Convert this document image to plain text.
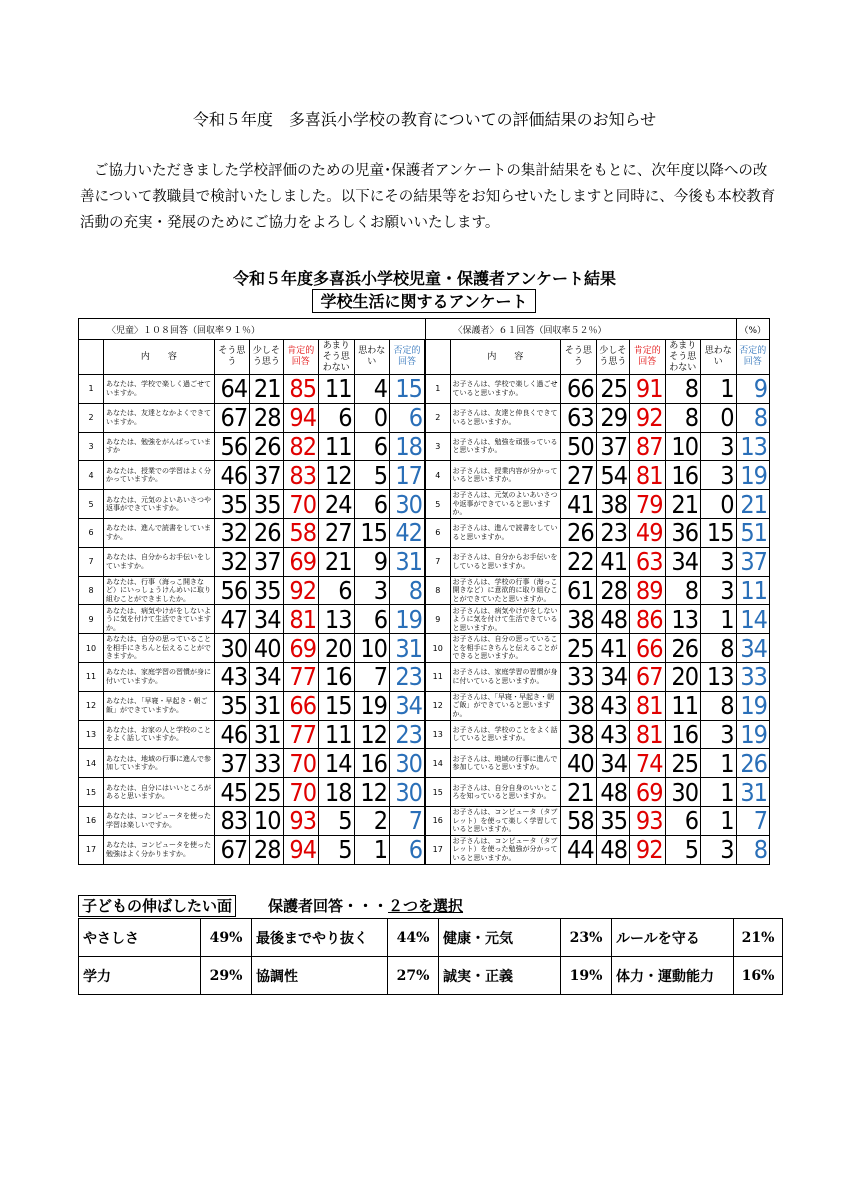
令和５年度　多喜浜小学校の教育についての評価結果のお知らせ
ご協力いただきました学校評価のための児童･保護者アンケートの集計結果をもとに、次年度以降への改善について教職員で検討いたしました。以下にその結果等をお知らせいたしますと同時に、今後も本校教育活動の充実・発展のためにご協力をよろしくお願いいたします。
令和５年度多喜浜小学校児童・保護者アンケート結果
学校生活に関するアンケート
〈児童〉１０８回答（回収率９１％）								〈保護者〉６１回答（回収率５２％）							（%）
	内　　容	そう思う	少しそう思う	肯定的回答	あまりそう思わない	思わない	否定的回答		内　　容	そう思う	少しそう思う	肯定的回答	あまりそう思わない	思わない	否定的回答
1	あなたは、学校で楽しく過ごせていますか。	64	21	85	11	4	15	1	お子さんは、学校で楽しく過ごせていると思いますか。	66	25	91	8	1	9
2	あなたは、友達となかよくできていますか。	67	28	94	6	0	6	2	お子さんは、友達と仲良くできていると思いますか。	63	29	92	8	0	8
3	あなたは、勉強をがんばっていますか	56	26	82	11	6	18	3	お子さんは、勉強を頑張っていると思いますか。	50	37	87	10	3	13
4	あなたは、授業での学習はよく分かっていますか。	46	37	83	12	5	17	4	お子さんは、授業内容が分かっていると思いますか。	27	54	81	16	3	19
5	あなたは、元気のよいあいさつや返事ができていますか。	35	35	70	24	6	30	5	お子さんは、元気のよいあいさつや返事ができていると思いますか。	41	38	79	21	0	21
6	あなたは、進んで読書をしていますか。	32	26	58	27	15	42	6	お子さんは、進んで読書をしていると思いますか。	26	23	49	36	15	51
7	あなたは、自分からお手伝いをしていますか。	32	37	69	21	9	31	7	お子さんは、自分からお手伝いをしていると思いますか。	22	41	63	34	3	37
8	あなたは、行事（海っこ開きなど）にいっしょうけんめいに取り組むことができましたか。	56	35	92	6	3	8	8	お子さんは、学校の行事（海っこ開きなど）に意欲的に取り組むことができていたと思いますか。	61	28	89	8	3	11
9	あなたは、病気やけがをしないように気を付けて生活できていますか。	47	34	81	13	6	19	9	お子さんは、病気やけがをしないように気を付けて生活できていると思いますか。	38	48	86	13	1	14
10	あなたは、自分の思っていることを相手にきちんと伝えることができますか。	30	40	69	20	10	31	10	お子さんは、自分の思っていることを相手にきちんと伝えることができると思いますか。	25	41	66	26	8	34
11	あなたは、家庭学習の習慣が身に付いていますか。	43	34	77	16	7	23	11	お子さんは、家庭学習の習慣が身に付いていると思いますか。	33	34	67	20	13	33
12	あなたは、「早寝・早起き・朝ご飯」ができていますか。	35	31	66	15	19	34	12	お子さんは、「早寝・早起き・朝ご飯」ができていると思いますか。	38	43	81	11	8	19
13	あなたは、お家の人と学校のことをよく話していますか。	46	31	77	11	12	23	13	お子さんは、学校のことをよく話していると思いますか。	38	43	81	16	3	19
14	あなたは、地域の行事に進んで参加していますか。	37	33	70	14	16	30	14	お子さんは、地域の行事に進んで参加していると思いますか。	40	34	74	25	1	26
15	あなたは、自分にはいいところがあると思いますか。	45	25	70	18	12	30	15	お子さんは、自分自身のいいところを知っていると思いますか。	21	48	69	30	1	31
16	あなたは、コンピュータを使った学習は楽しいですか。	83	10	93	5	2	7	16	お子さんは、コンピュータ（タブレット）を使って楽しく学習していると思いますか。	58	35	93	6	1	7
17	あなたは、コンピュータを使った勉強はよく分かりますか。	67	28	94	5	1	6	17	お子さんは、コンピュータ（タブレット）を使った勉強が分かっていると思いますか。	44	48	92	5	3	8
子どもの伸ばしたい面 保護者回答・・・２つを選択
やさしさ	49%	最後までやり抜く	44%	健康・元気	23%	ルールを守る	21%
学力	29%	協調性	27%	誠実・正義	19%	体力・運動能力	16%
